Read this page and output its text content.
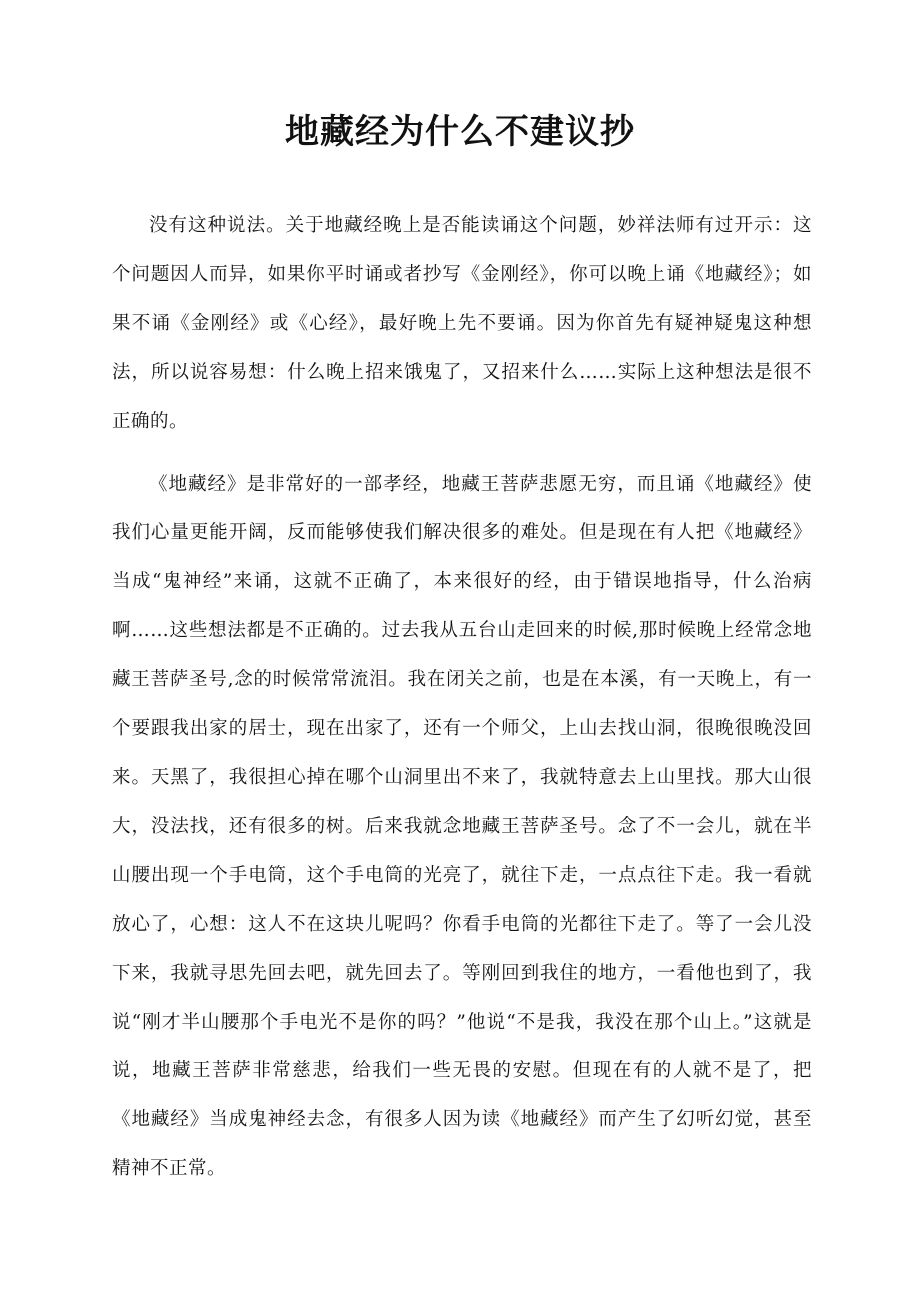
地藏经为什么不建议抄

没有这种说法。关于地藏经晚上是否能读诵这个问题，妙祥法师有过开示：这个问题因人而异，如果你平时诵或者抄写《金刚经》，你可以晚上诵《地藏经》；如果不诵《金刚经》或《心经》，最好晚上先不要诵。因为你首先有疑神疑鬼这种想法，所以说容易想：什么晚上招来饿鬼了，又招来什么……实际上这种想法是很不正确的。

《地藏经》是非常好的一部孝经，地藏王菩萨悲愿无穷，而且诵《地藏经》使我们心量更能开阔，反而能够使我们解决很多的难处。但是现在有人把《地藏经》当成“鬼神经”来诵，这就不正确了，本来很好的经，由于错误地指导，什么治病啊……这些想法都是不正确的。过去我从五台山走回来的时候,那时候晚上经常念地藏王菩萨圣号,念的时候常常流泪。我在闭关之前，也是在本溪，有一天晚上，有一个要跟我出家的居士，现在出家了，还有一个师父，上山去找山洞，很晚很晚没回来。天黑了，我很担心掉在哪个山洞里出不来了，我就特意去上山里找。那大山很大，没法找，还有很多的树。后来我就念地藏王菩萨圣号。念了不一会儿，就在半山腰出现一个手电筒，这个手电筒的光亮了，就往下走，一点点往下走。我一看就放心了，心想：这人不在这块儿呢吗？你看手电筒的光都往下走了。等了一会儿没下来，我就寻思先回去吧，就先回去了。等刚回到我住的地方，一看他也到了，我说“刚才半山腰那个手电光不是你的吗？”他说“不是我，我没在那个山上。”这就是说，地藏王菩萨非常慈悲，给我们一些无畏的安慰。但现在有的人就不是了，把《地藏经》当成鬼神经去念，有很多人因为读《地藏经》而产生了幻听幻觉，甚至精神不正常。
